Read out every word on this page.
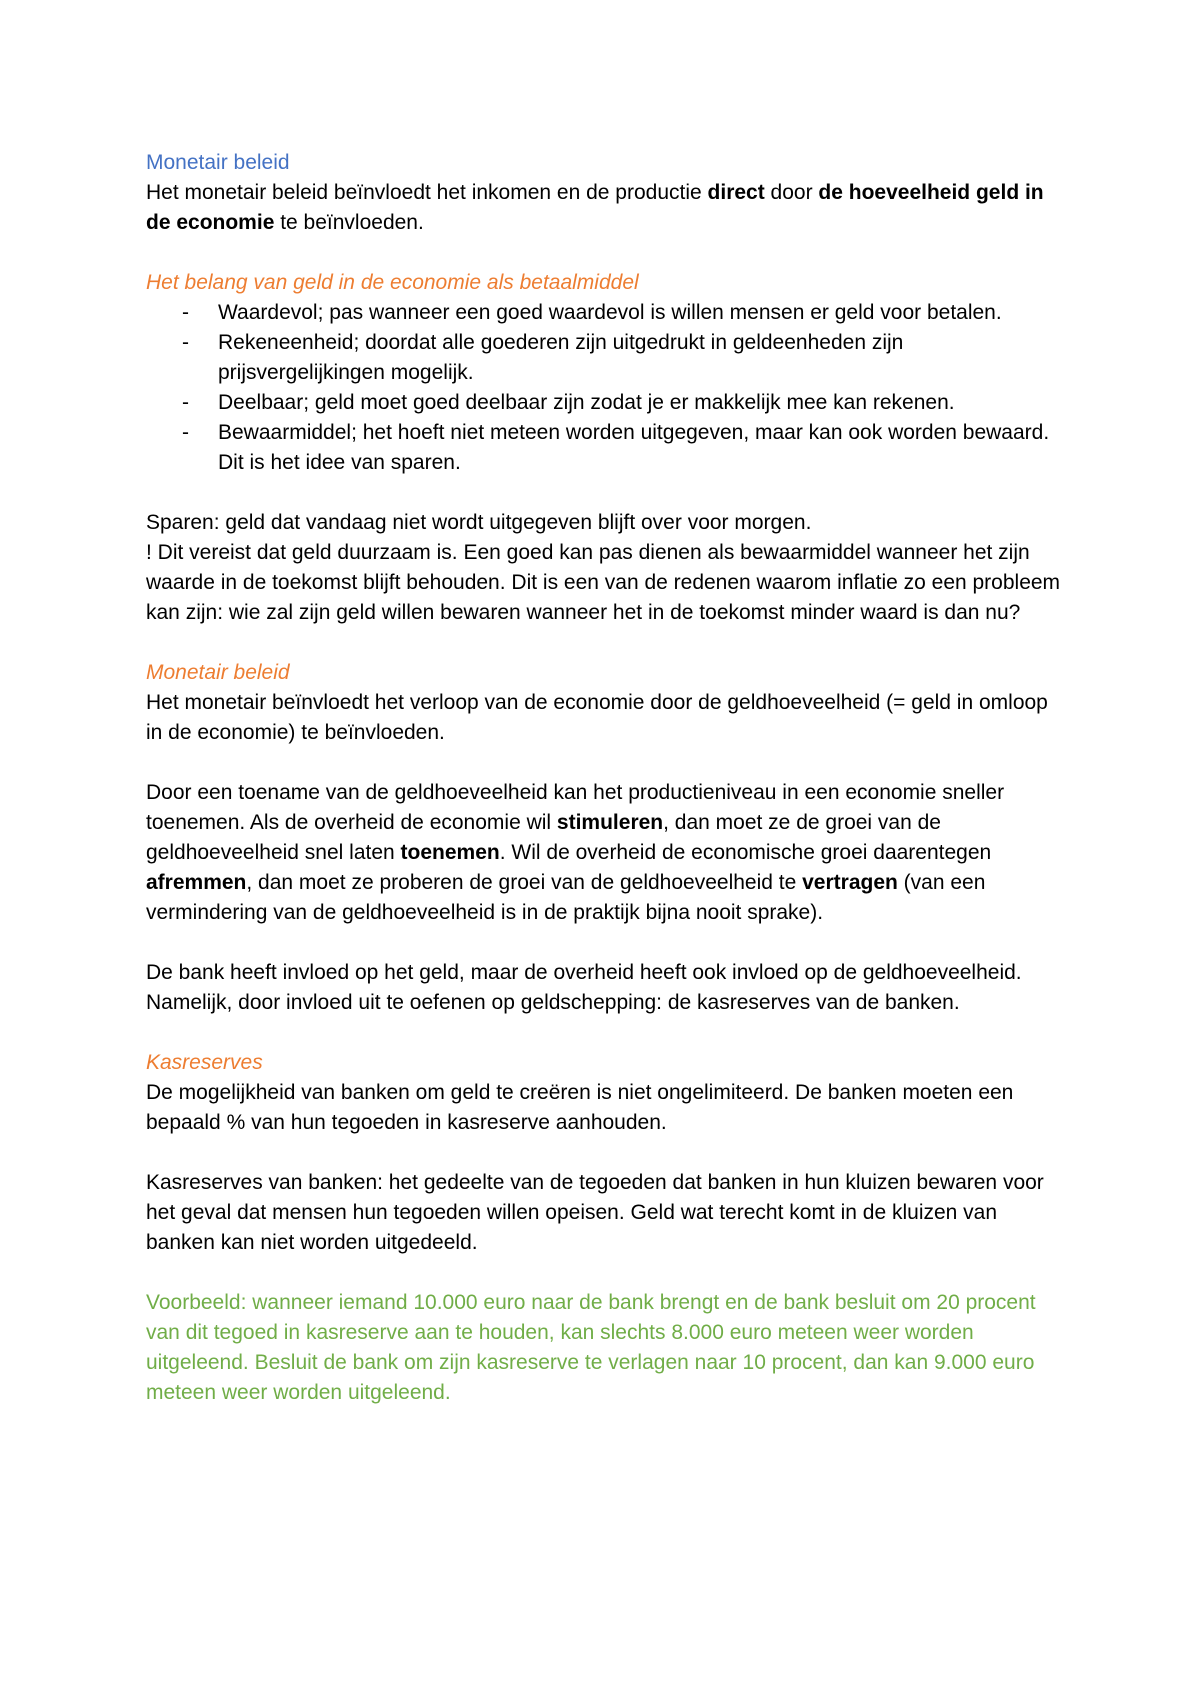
Monetair beleid

Het monetair beleid beïnvloedt het inkomen en de productie direct door de hoeveelheid geld in de economie te beïnvloeden.

Het belang van geld in de economie als betaalmiddel
- Waardevol; pas wanneer een goed waardevol is willen mensen er geld voor betalen.
- Rekeneenheid; doordat alle goederen zijn uitgedrukt in geldeenheden zijn prijsvergelijkingen mogelijk.
- Deelbaar; geld moet goed deelbaar zijn zodat je er makkelijk mee kan rekenen.
- Bewaarmiddel; het hoeft niet meteen worden uitgegeven, maar kan ook worden bewaard. Dit is het idee van sparen.

Sparen: geld dat vandaag niet wordt uitgegeven blijft over voor morgen.

! Dit vereist dat geld duurzaam is. Een goed kan pas dienen als bewaarmiddel wanneer het zijn waarde in de toekomst blijft behouden. Dit is een van de redenen waarom inflatie zo een probleem kan zijn: wie zal zijn geld willen bewaren wanneer het in de toekomst minder waard is dan nu?

Monetair beleid

Het monetair beïnvloedt het verloop van de economie door de geldhoeveelheid (= geld in omloop in de economie) te beïnvloeden.

Door een toename van de geldhoeveelheid kan het productieniveau in een economie sneller toenemen. Als de overheid de economie wil stimuleren, dan moet ze de groei van de geldhoeveelheid snel laten toenemen. Wil de overheid de economische groei daarentegen afremmen, dan moet ze proberen de groei van de geldhoeveelheid te vertragen (van een vermindering van de geldhoeveelheid is in de praktijk bijna nooit sprake).

De bank heeft invloed op het geld, maar de overheid heeft ook invloed op de geldhoeveelheid. Namelijk, door invloed uit te oefenen op geldschepping: de kasreserves van de banken.

Kasreserves

De mogelijkheid van banken om geld te creëren is niet ongelimiteerd. De banken moeten een bepaald % van hun tegoeden in kasreserve aanhouden.

Kasreserves van banken: het gedeelte van de tegoeden dat banken in hun kluizen bewaren voor het geval dat mensen hun tegoeden willen opeisen. Geld wat terecht komt in de kluizen van banken kan niet worden uitgedeeld.

Voorbeeld: wanneer iemand 10.000 euro naar de bank brengt en de bank besluit om 20 procent van dit tegoed in kasreserve aan te houden, kan slechts 8.000 euro meteen weer worden uitgeleend. Besluit de bank om zijn kasreserve te verlagen naar 10 procent, dan kan 9.000 euro meteen weer worden uitgeleend.
